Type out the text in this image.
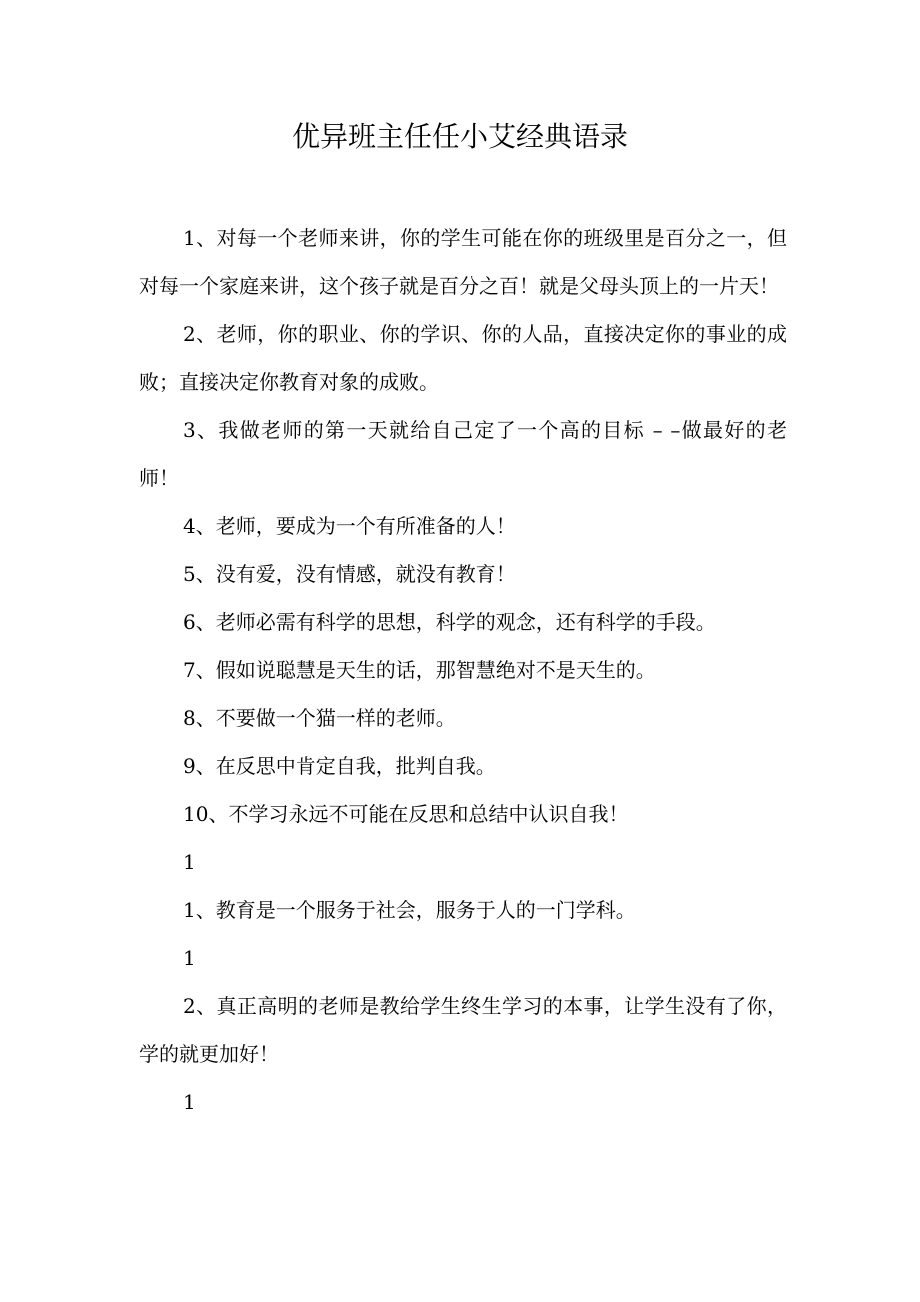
优异班主任任小艾经典语录

1、对每一个老师来讲，你的学生可能在你的班级里是百分之一，但对每一个家庭来讲，这个孩子就是百分之百！就是父母头顶上的一片天！

2、老师，你的职业、你的学识、你的人品，直接决定你的事业的成败；直接决定你教育对象的成败。

3、我做老师的第一天就给自己定了一个高的目标 – –做最好的老师！

4、老师，要成为一个有所准备的人！

5、没有爱，没有情感，就没有教育！

6、老师必需有科学的思想，科学的观念，还有科学的手段。

7、假如说聪慧是天生的话，那智慧绝对不是天生的。

8、不要做一个猫一样的老师。

9、在反思中肯定自我，批判自我。

10、不学习永远不可能在反思和总结中认识自我！

1

1、教育是一个服务于社会，服务于人的一门学科。

1

2、真正高明的老师是教给学生终生学习的本事，让学生没有了你，学的就更加好！

1
